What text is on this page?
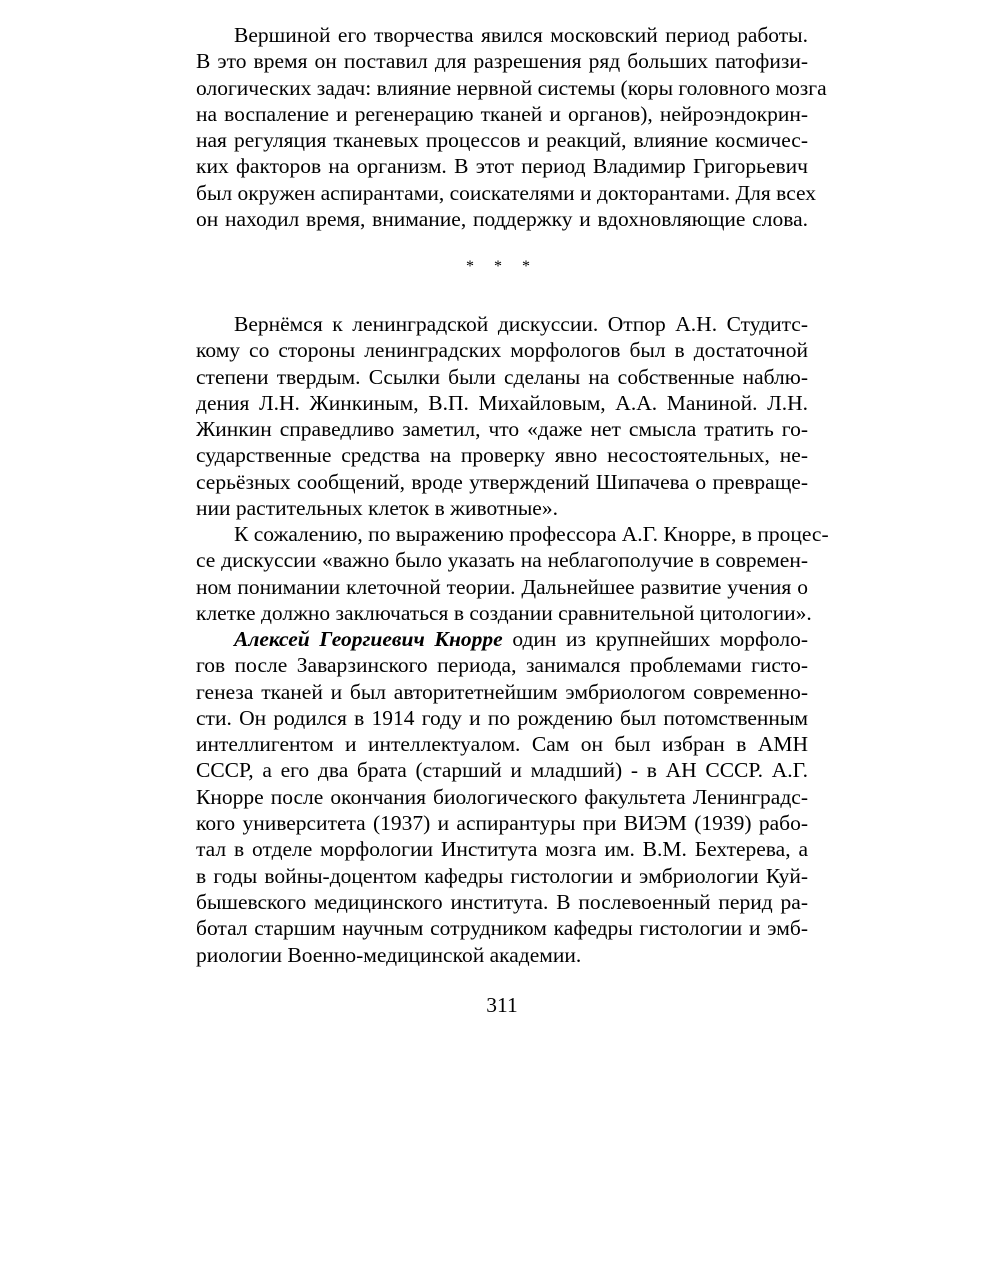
Вершиной его творчества явился московский период работы.
В это время он поставил для разрешения ряд больших патофизи-
ологических задач: влияние нервной системы (коры головного мозга
на воспаление и регенерацию тканей и органов), нейроэндокрин-
ная регуляция тканевых процессов и реакций, влияние космичес-
ких факторов на организм. В этот период Владимир Григорьевич
был окружен аспирантами, соискателями и докторантами. Для всех
он находил время, внимание, поддержку и вдохновляющие слова.
* * *
Вернёмся к ленинградской дискуссии. Отпор А.Н. Студитс-
кому со стороны ленинградских морфологов был в достаточной
степени твердым. Ссылки были сделаны на собственные наблю-
дения Л.Н. Жинкиным, В.П. Михайловым, А.А. Маниной. Л.Н.
Жинкин справедливо заметил, что «даже нет смысла тратить го-
сударственные средства на проверку явно несостоятельных, не-
серьёзных сообщений, вроде утверждений Шипачева о превраще-
нии растительных клеток в животные».
К сожалению, по выражению профессора А.Г. Кнорре, в процес-
се дискуссии «важно было указать на неблагополучие в современ-
ном понимании клеточной теории. Дальнейшее развитие учения о
клетке должно заключаться в создании сравнительной цитологии».
Алексей Георгиевич Кнорре один из крупнейших морфоло-
гов после Заварзинского периода, занимался проблемами гисто-
генеза тканей и был авторитетнейшим эмбриологом современно-
сти. Он родился в 1914 году и по рождению был потомственным
интеллигентом и интеллектуалом. Сам он был избран в АМН
СССР, а его два брата (старший и младший) - в АН СССР. А.Г.
Кнорре после окончания биологического факультета Ленинградс-
кого университета (1937) и аспирантуры при ВИЭМ (1939) рабо-
тал в отделе морфологии Института мозга им. В.М. Бехтерева, а
в годы войны-доцентом кафедры гистологии и эмбриологии Куй-
бышевского медицинского института. В послевоенный перид ра-
ботал старшим научным сотрудником кафедры гистологии и эмб-
риологии Военно-медицинской академии.
311
